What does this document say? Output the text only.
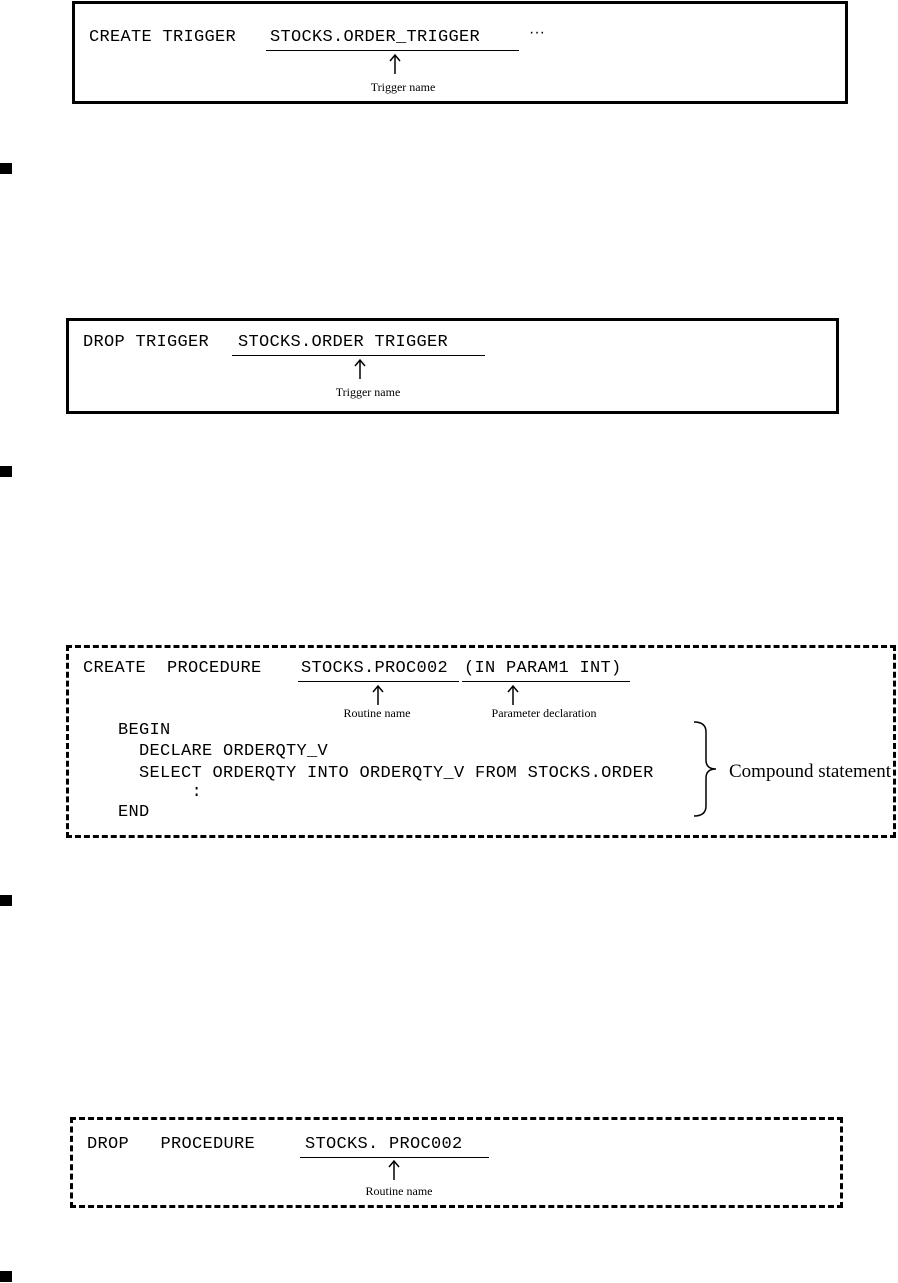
CREATE TRIGGER STOCKS.ORDER_TRIGGER	···
Trigger name
DROP TRIGGER STOCKS.ORDER TRIGGER
Trigger name
CREATE  PROCEDURE STOCKS.PROC002 (IN PARAM1 INT)
Routine name	Parameter declaration
BEGIN
DECLARE ORDERQTY_V
SELECT ORDERQTY INTO ORDERQTY_V FROM STOCKS.ORDER
:
END
Compound statement
DROP   PROCEDURE STOCKS. PROC002
Routine name
